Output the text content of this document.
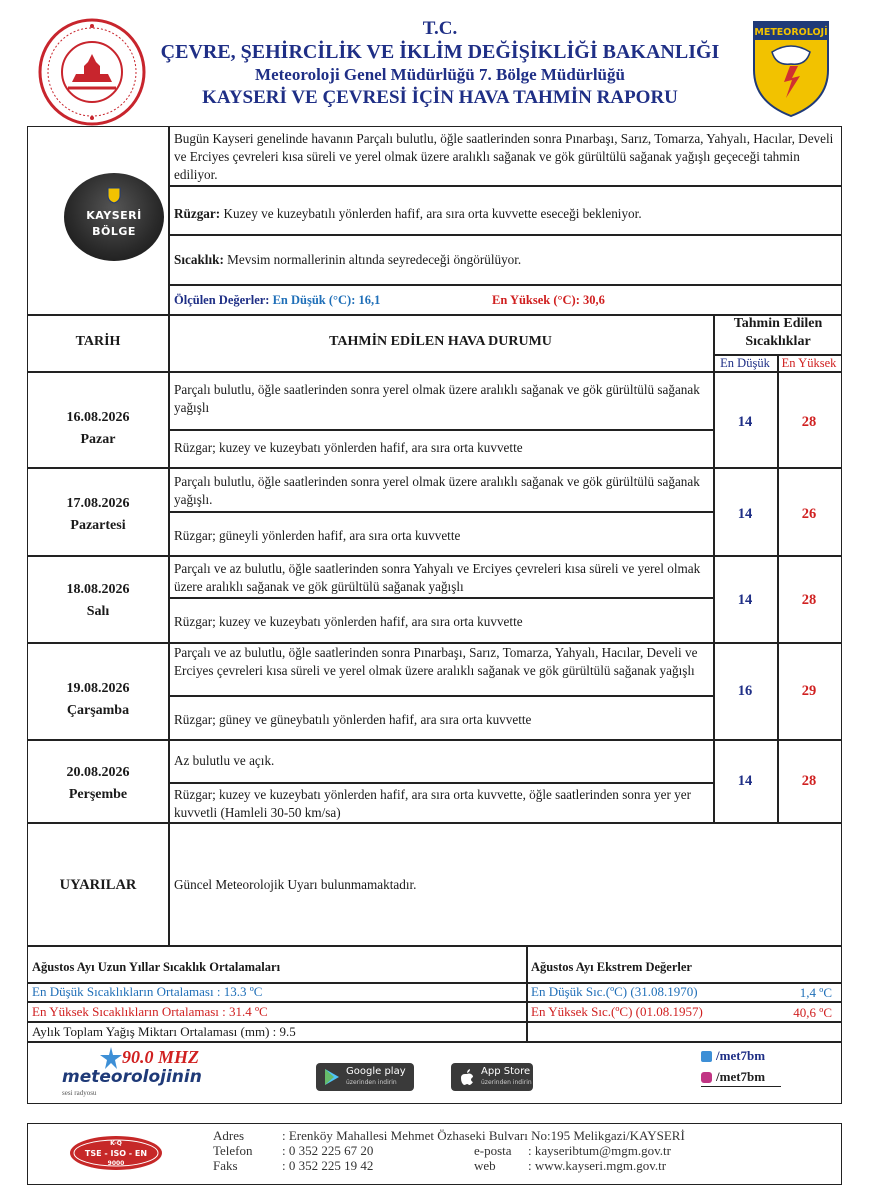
T.C.
ÇEVRE, ŞEHİRCİLİK VE İKLİM DEĞİŞİKLİĞİ BAKANLIĞI
Meteoroloji Genel Müdürlüğü 7. Bölge Müdürlüğü
KAYSERİ VE ÇEVRESİ İÇİN HAVA TAHMİN RAPORU
METEOROLOJİ
KAYSERİ
BÖLGE
Bugün Kayseri genelinde havanın Parçalı bulutlu, öğle saatlerinden sonra Pınarbaşı, Sarız, Tomarza, Yahyalı, Hacılar, Develi ve Erciyes çevreleri kısa süreli ve yerel olmak üzere aralıklı sağanak ve gök gürültülü sağanak yağışlı geçeceği tahmin ediliyor.
Rüzgar: Kuzey ve kuzeybatılı yönlerden hafif, ara sıra orta kuvvette eseceği bekleniyor.
Sıcaklık: Mevsim normallerinin altında seyredeceği öngörülüyor.
Ölçülen Değerler: En Düşük (°C): 16,1	En Yüksek (°C): 30,6
TARİH	TAHMİN EDİLEN HAVA DURUMU
Tahmin Edilen Sıcaklıklar
En Düşük En Yüksek
16.08.2026
Pazar
Parçalı bulutlu, öğle saatlerinden sonra yerel olmak üzere aralıklı sağanak ve gök gürültülü sağanak yağışlı
Rüzgar; kuzey ve kuzeybatı yönlerden hafif, ara sıra orta kuvvette
14	28
17.08.2026
Pazartesi
Parçalı bulutlu, öğle saatlerinden sonra yerel olmak üzere aralıklı sağanak ve gök gürültülü sağanak yağışlı.
Rüzgar; güneyli yönlerden hafif, ara sıra orta kuvvette
14	26
18.08.2026
Salı
Parçalı ve az bulutlu, öğle saatlerinden sonra Yahyalı ve Erciyes çevreleri kısa süreli ve yerel olmak üzere aralıklı sağanak ve gök gürültülü sağanak yağışlı
Rüzgar; kuzey ve kuzeybatı yönlerden hafif, ara sıra orta kuvvette
14	28
19.08.2026
Çarşamba
Parçalı ve az bulutlu, öğle saatlerinden sonra Pınarbaşı, Sarız, Tomarza, Yahyalı, Hacılar, Develi ve Erciyes çevreleri kısa süreli ve yerel olmak üzere aralıklı sağanak ve gök gürültülü sağanak yağışlı
Rüzgar; güney ve güneybatılı yönlerden hafif, ara sıra orta kuvvette
16	29
20.08.2026
Perşembe
Az bulutlu ve açık.
Rüzgar; kuzey ve kuzeybatı yönlerden hafif, ara sıra orta kuvvette, öğle saatlerinden sonra yer yer kuvvetli (Hamleli 30-50 km/sa)
14	28
UYARILAR	Güncel Meteorolojik Uyarı bulunmamaktadır.
Ağustos Ayı Uzun Yıllar Sıcaklık Ortalamaları	Ağustos Ayı Ekstrem Değerler
En Düşük Sıcaklıkların Ortalaması : 13.3 ºC	En Düşük Sıc.(ºC) (31.08.1970)	1,4 ºC
En Yüksek Sıcaklıkların Ortalaması : 31.4 ºC	En Yüksek Sıc.(ºC) (01.08.1957)	40,6 ºC
Aylık Toplam Yağış Miktarı Ortalaması (mm) : 9.5
90.0 MHZ
meteorolojinin
sesi radyosu
Google play
üzerinden indirin
App Store
üzerinden indirin
/met7bm
/met7bm
K-Q
TSE - ISO - EN
9000
Adres	: Erenköy Mahallesi Mehmet Özhaseki Bulvarı No:195 Melikgazi/KAYSERİ
Telefon : 0 352 225 67 20	e-posta : kayseribtum@mgm.gov.tr
Faks	: 0 352 225 19 42	web : www.kayseri.mgm.gov.tr
